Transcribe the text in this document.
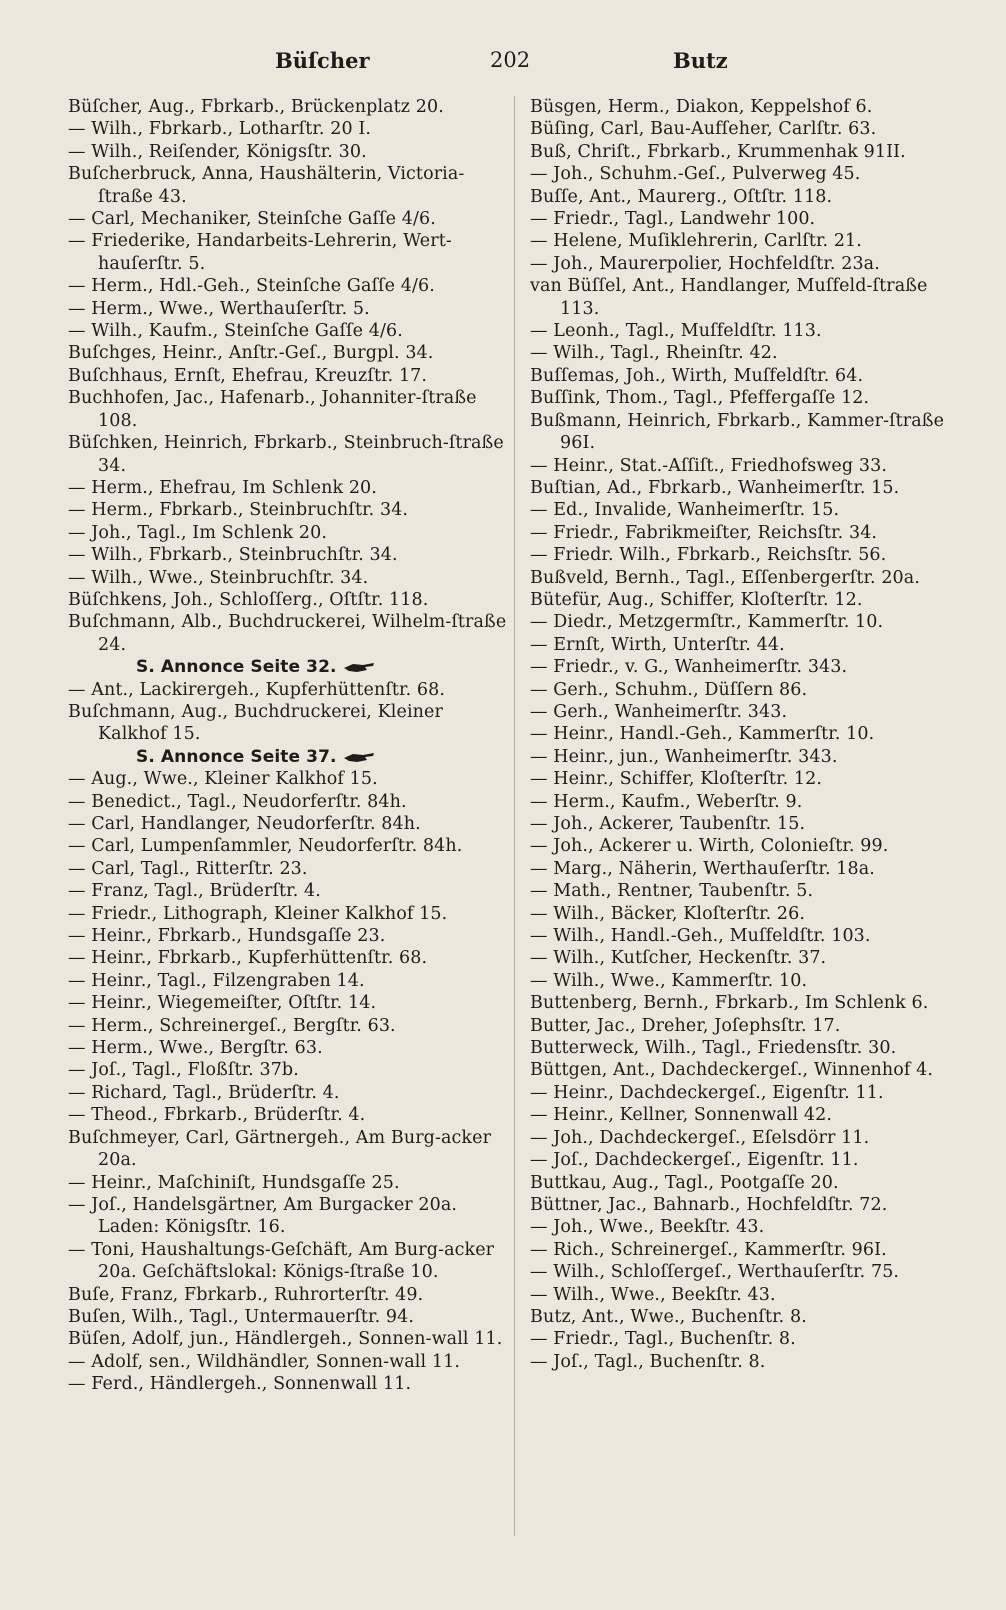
Büſcher	202	Butz
Büſcher, Aug., Fbrkarb., Brückenplatz 20.
— Wilh., Fbrkarb., Lotharſtr. 20 I.
— Wilh., Reiſender, Königsſtr. 30.
Buſcherbruck, Anna, Haushälterin, Victoria-ſtraße 43.
— Carl, Mechaniker, Steinſche Gaſſe 4/6.
— Friederike, Handarbeits-Lehrerin, Wert-hauſerſtr. 5.
— Herm., Hdl.-Geh., Steinſche Gaſſe 4/6.
— Herm., Wwe., Werthauſerſtr. 5.
— Wilh., Kaufm., Steinſche Gaſſe 4/6.
Buſchges, Heinr., Anſtr.-Geſ., Burgpl. 34.
Buſchhaus, Ernſt, Ehefrau, Kreuzſtr. 17.
Buchhofen, Jac., Hafenarb., Johanniter-ſtraße 108.
Büſchken, Heinrich, Fbrkarb., Steinbruch-ſtraße 34.
— Herm., Ehefrau, Im Schlenk 20.
— Herm., Fbrkarb., Steinbruchſtr. 34.
— Joh., Tagl., Im Schlenk 20.
— Wilh., Fbrkarb., Steinbruchſtr. 34.
— Wilh., Wwe., Steinbruchſtr. 34.
Büſchkens, Joh., Schloſſerg., Oſtſtr. 118.
Buſchmann, Alb., Buchdruckerei, Wilhelm-ſtraße 24.
S. Annonce Seite 32.
— Ant., Lackirergeh., Kupferhüttenſtr. 68.
Buſchmann, Aug., Buchdruckerei, Kleiner Kalkhof 15.
S. Annonce Seite 37.
— Aug., Wwe., Kleiner Kalkhof 15.
— Benedict., Tagl., Neudorferſtr. 84h.
— Carl, Handlanger, Neudorferſtr. 84h.
— Carl, Lumpenſammler, Neudorferſtr. 84h.
— Carl, Tagl., Ritterſtr. 23.
— Franz, Tagl., Brüderſtr. 4.
— Friedr., Lithograph, Kleiner Kalkhof 15.
— Heinr., Fbrkarb., Hundsgaſſe 23.
— Heinr., Fbrkarb., Kupferhüttenſtr. 68.
— Heinr., Tagl., Filzengraben 14.
— Heinr., Wiegemeiſter, Oſtſtr. 14.
— Herm., Schreinergeſ., Bergſtr. 63.
— Herm., Wwe., Bergſtr. 63.
— Joſ., Tagl., Floßſtr. 37b.
— Richard, Tagl., Brüderſtr. 4.
— Theod., Fbrkarb., Brüderſtr. 4.
Buſchmeyer, Carl, Gärtnergeh., Am Burg-acker 20a.
— Heinr., Maſchiniſt, Hundsgaſſe 25.
— Joſ., Handelsgärtner, Am Burgacker 20a. Laden: Königsſtr. 16.
— Toni, Haushaltungs-Geſchäft, Am Burg-acker 20a. Geſchäftslokal: Königs-ſtraße 10.
Buſe, Franz, Fbrkarb., Ruhrorterſtr. 49.
Buſen, Wilh., Tagl., Untermauerſtr. 94.
Büſen, Adolf, jun., Händlergeh., Sonnen-wall 11.
— Adolf, sen., Wildhändler, Sonnen-wall 11.
— Ferd., Händlergeh., Sonnenwall 11.
Büsgen, Herm., Diakon, Keppelshof 6.
Büſing, Carl, Bau-Aufſeher, Carlſtr. 63.
Buß, Chriſt., Fbrkarb., Krummenhak 91II.
— Joh., Schuhm.-Geſ., Pulverweg 45.
Buſſe, Ant., Maurerg., Oſtſtr. 118.
— Friedr., Tagl., Landwehr 100.
— Helene, Muſiklehrerin, Carlſtr. 21.
— Joh., Maurerpolier, Hochfeldſtr. 23a.
van Büſſel, Ant., Handlanger, Muſfeld-ſtraße 113.
— Leonh., Tagl., Muſfeldſtr. 113.
— Wilh., Tagl., Rheinſtr. 42.
Buſſemas, Joh., Wirth, Muſfeldſtr. 64.
Buſſink, Thom., Tagl., Pfeffergaſſe 12.
Bußmann, Heinrich, Fbrkarb., Kammer-ſtraße 96I.
— Heinr., Stat.-Aſſiſt., Friedhofsweg 33.
Buſtian, Ad., Fbrkarb., Wanheimerſtr. 15.
— Ed., Invalide, Wanheimerſtr. 15.
— Friedr., Fabrikmeiſter, Reichsſtr. 34.
— Friedr. Wilh., Fbrkarb., Reichsſtr. 56.
Bußveld, Bernh., Tagl., Eſſenbergerſtr. 20a.
Bütefür, Aug., Schiffer, Kloſterſtr. 12.
— Diedr., Metzgermſtr., Kammerſtr. 10.
— Ernſt, Wirth, Unterſtr. 44.
— Friedr., v. G., Wanheimerſtr. 343.
— Gerh., Schuhm., Düſſern 86.
— Gerh., Wanheimerſtr. 343.
— Heinr., Handl.-Geh., Kammerſtr. 10.
— Heinr., jun., Wanheimerſtr. 343.
— Heinr., Schiffer, Kloſterſtr. 12.
— Herm., Kaufm., Weberſtr. 9.
— Joh., Ackerer, Taubenſtr. 15.
— Joh., Ackerer u. Wirth, Colonieſtr. 99.
— Marg., Näherin, Werthauſerſtr. 18a.
— Math., Rentner, Taubenſtr. 5.
— Wilh., Bäcker, Kloſterſtr. 26.
— Wilh., Handl.-Geh., Muſfeldſtr. 103.
— Wilh., Kutſcher, Heckenſtr. 37.
— Wilh., Wwe., Kammerſtr. 10.
Buttenberg, Bernh., Fbrkarb., Im Schlenk 6.
Butter, Jac., Dreher, Joſephsſtr. 17.
Butterweck, Wilh., Tagl., Friedensſtr. 30.
Büttgen, Ant., Dachdeckergeſ., Winnenhof 4.
— Heinr., Dachdeckergeſ., Eigenſtr. 11.
— Heinr., Kellner, Sonnenwall 42.
— Joh., Dachdeckergeſ., Eſelsdörr 11.
— Joſ., Dachdeckergeſ., Eigenſtr. 11.
Buttkau, Aug., Tagl., Pootgaſſe 20.
Büttner, Jac., Bahnarb., Hochfeldſtr. 72.
— Joh., Wwe., Beekſtr. 43.
— Rich., Schreinergeſ., Kammerſtr. 96I.
— Wilh., Schloſſergeſ., Werthauſerſtr. 75.
— Wilh., Wwe., Beekſtr. 43.
Butz, Ant., Wwe., Buchenſtr. 8.
— Friedr., Tagl., Buchenſtr. 8.
— Joſ., Tagl., Buchenſtr. 8.
